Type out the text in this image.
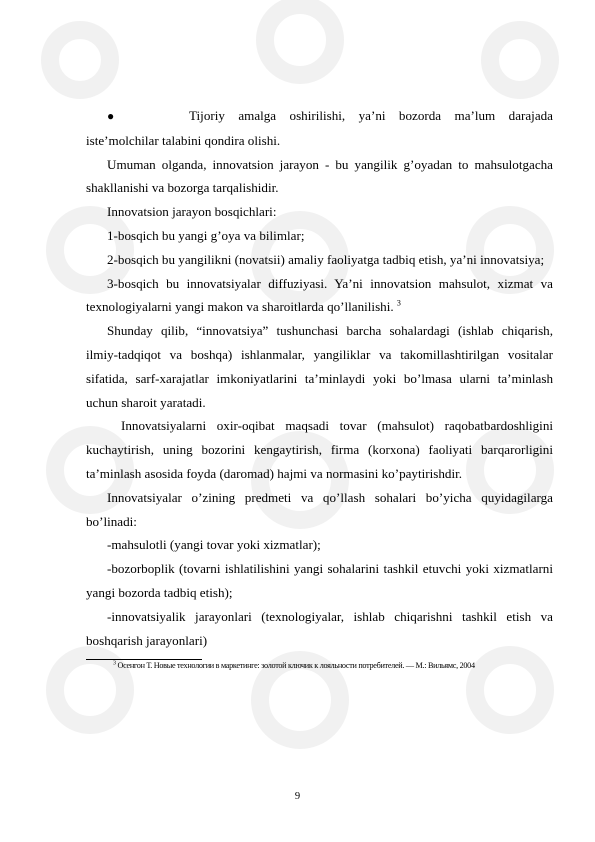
●	Tijoriy amalga oshirilishi, ya’ni bozorda ma’lum darajada

iste’molchilar talabini qondira olishi.

Umuman olganda, innovatsion jarayon - bu yangilik g’oyadan to mahsulotgacha shakllanishi va bozorga tarqalishidir.

Innovatsion jarayon bosqichlari:

1-bosqich bu yangi g’oya va bilimlar;

2-bosqich bu yangilikni (novatsii) amaliy faoliyatga tadbiq etish, ya’ni innovatsiya;

3-bosqich bu innovatsiyalar diffuziyasi. Ya’ni innovatsion mahsulot, xizmat va texnologiyalarni yangi makon va sharoitlarda qo’llanilishi. $^3$

Shunday qilib, “innovatsiya” tushunchasi barcha sohalardagi (ishlab chiqarish, ilmiy-tadqiqot va boshqa) ishlanmalar, yangiliklar va takomillashtirilgan vositalar sifatida, sarf-xarajatlar imkoniyatlarini ta’minlaydi yoki bo’lmasa ularni ta’minlash uchun sharoit yaratadi.

Innovatsiyalarni oxir-oqibat maqsadi tovar (mahsulot) raqobatbardoshligini kuchaytirish, uning bozorini kengaytirish, firma (korxona) faoliyati barqarorligini ta’minlash asosida foyda (daromad) hajmi va normasini ko’paytirishdir.

Innovatsiyalar o’zining predmeti va qo’llash sohalari bo’yicha quyidagilarga bo’linadi:

-mahsulotli (yangi tovar yoki xizmatlar);

-bozorboplik (tovarni ishlatilishini yangi sohalarini tashkil etuvchi yoki xizmatlarni yangi bozorda tadbiq etish);

-innovatsiyalik jarayonlari (texnologiyalar, ishlab chiqarishni tashkil etish va boshqarish jarayonlari)

$^3$ Осенгон Т. Новые технологии в маркетинге: золотой ключик к лояльности потребителей. — М.: Вильямс, 2004
9
